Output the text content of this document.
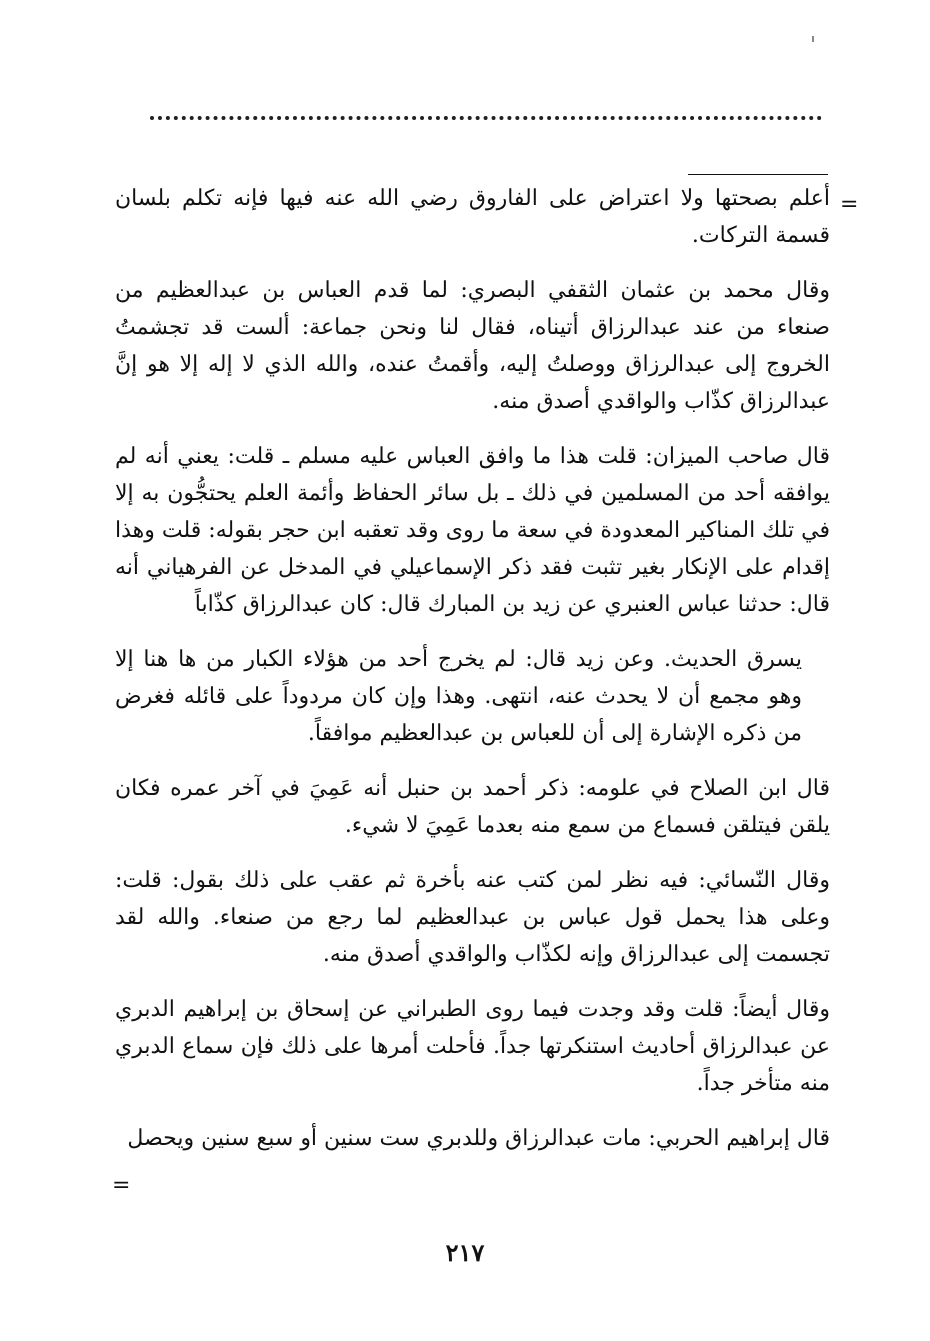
=

أعلم بصحتها ولا اعتراض على الفاروق رضي الله عنه فيها فإنه تكلم بلسان قسمة التركات.

وقال محمد بن عثمان الثقفي البصري: لما قدم العباس بن عبدالعظيم من صنعاء من عند عبدالرزاق أتيناه، فقال لنا ونحن جماعة: ألست قد تجشمتُ الخروج إلى عبدالرزاق ووصلتُ إليه، وأقمتُ عنده، والله الذي لا إله إلا هو إنَّ عبدالرزاق كذّاب والواقدي أصدق منه.

قال صاحب الميزان: قلت هذا ما وافق العباس عليه مسلم ـ قلت: يعني أنه لم يوافقه أحد من المسلمين في ذلك ـ بل سائر الحفاظ وأئمة العلم يحتجُّون به إلا في تلك المناكير المعدودة في سعة ما روى وقد تعقبه ابن حجر بقوله: قلت وهذا إقدام على الإنكار بغير تثبت فقد ذكر الإسماعيلي في المدخل عن الفرهياني أنه قال: حدثنا عباس العنبري عن زيد بن المبارك قال: كان عبدالرزاق كذّاباً

يسرق الحديث. وعن زيد قال: لم يخرج أحد من هؤلاء الكبار من ها هنا إلا وهو مجمع أن لا يحدث عنه، انتهى. وهذا وإن كان مردوداً على قائله فغرض من ذكره الإشارة إلى أن للعباس بن عبدالعظيم موافقاً.

قال ابن الصلاح في علومه: ذكر أحمد بن حنبل أنه عَمِيَ في آخر عمره فكان يلقن فيتلقن فسماع من سمع منه بعدما عَمِيَ لا شيء.

وقال النّسائي: فيه نظر لمن كتب عنه بأخرة ثم عقب على ذلك بقول: قلت: وعلى هذا يحمل قول عباس بن عبدالعظيم لما رجع من صنعاء. والله لقد تجسمت إلى عبدالرزاق وإنه لكذّاب والواقدي أصدق منه.

وقال أيضاً: قلت وقد وجدت فيما روى الطبراني عن إسحاق بن إبراهيم الدبري عن عبدالرزاق أحاديث استنكرتها جداً. فأحلت أمرها على ذلك فإن سماع الدبري منه متأخر جداً.

قال إبراهيم الحربي: مات عبدالرزاق وللدبري ست سنين أو سبع سنين ويحصل

=
٢١٧
